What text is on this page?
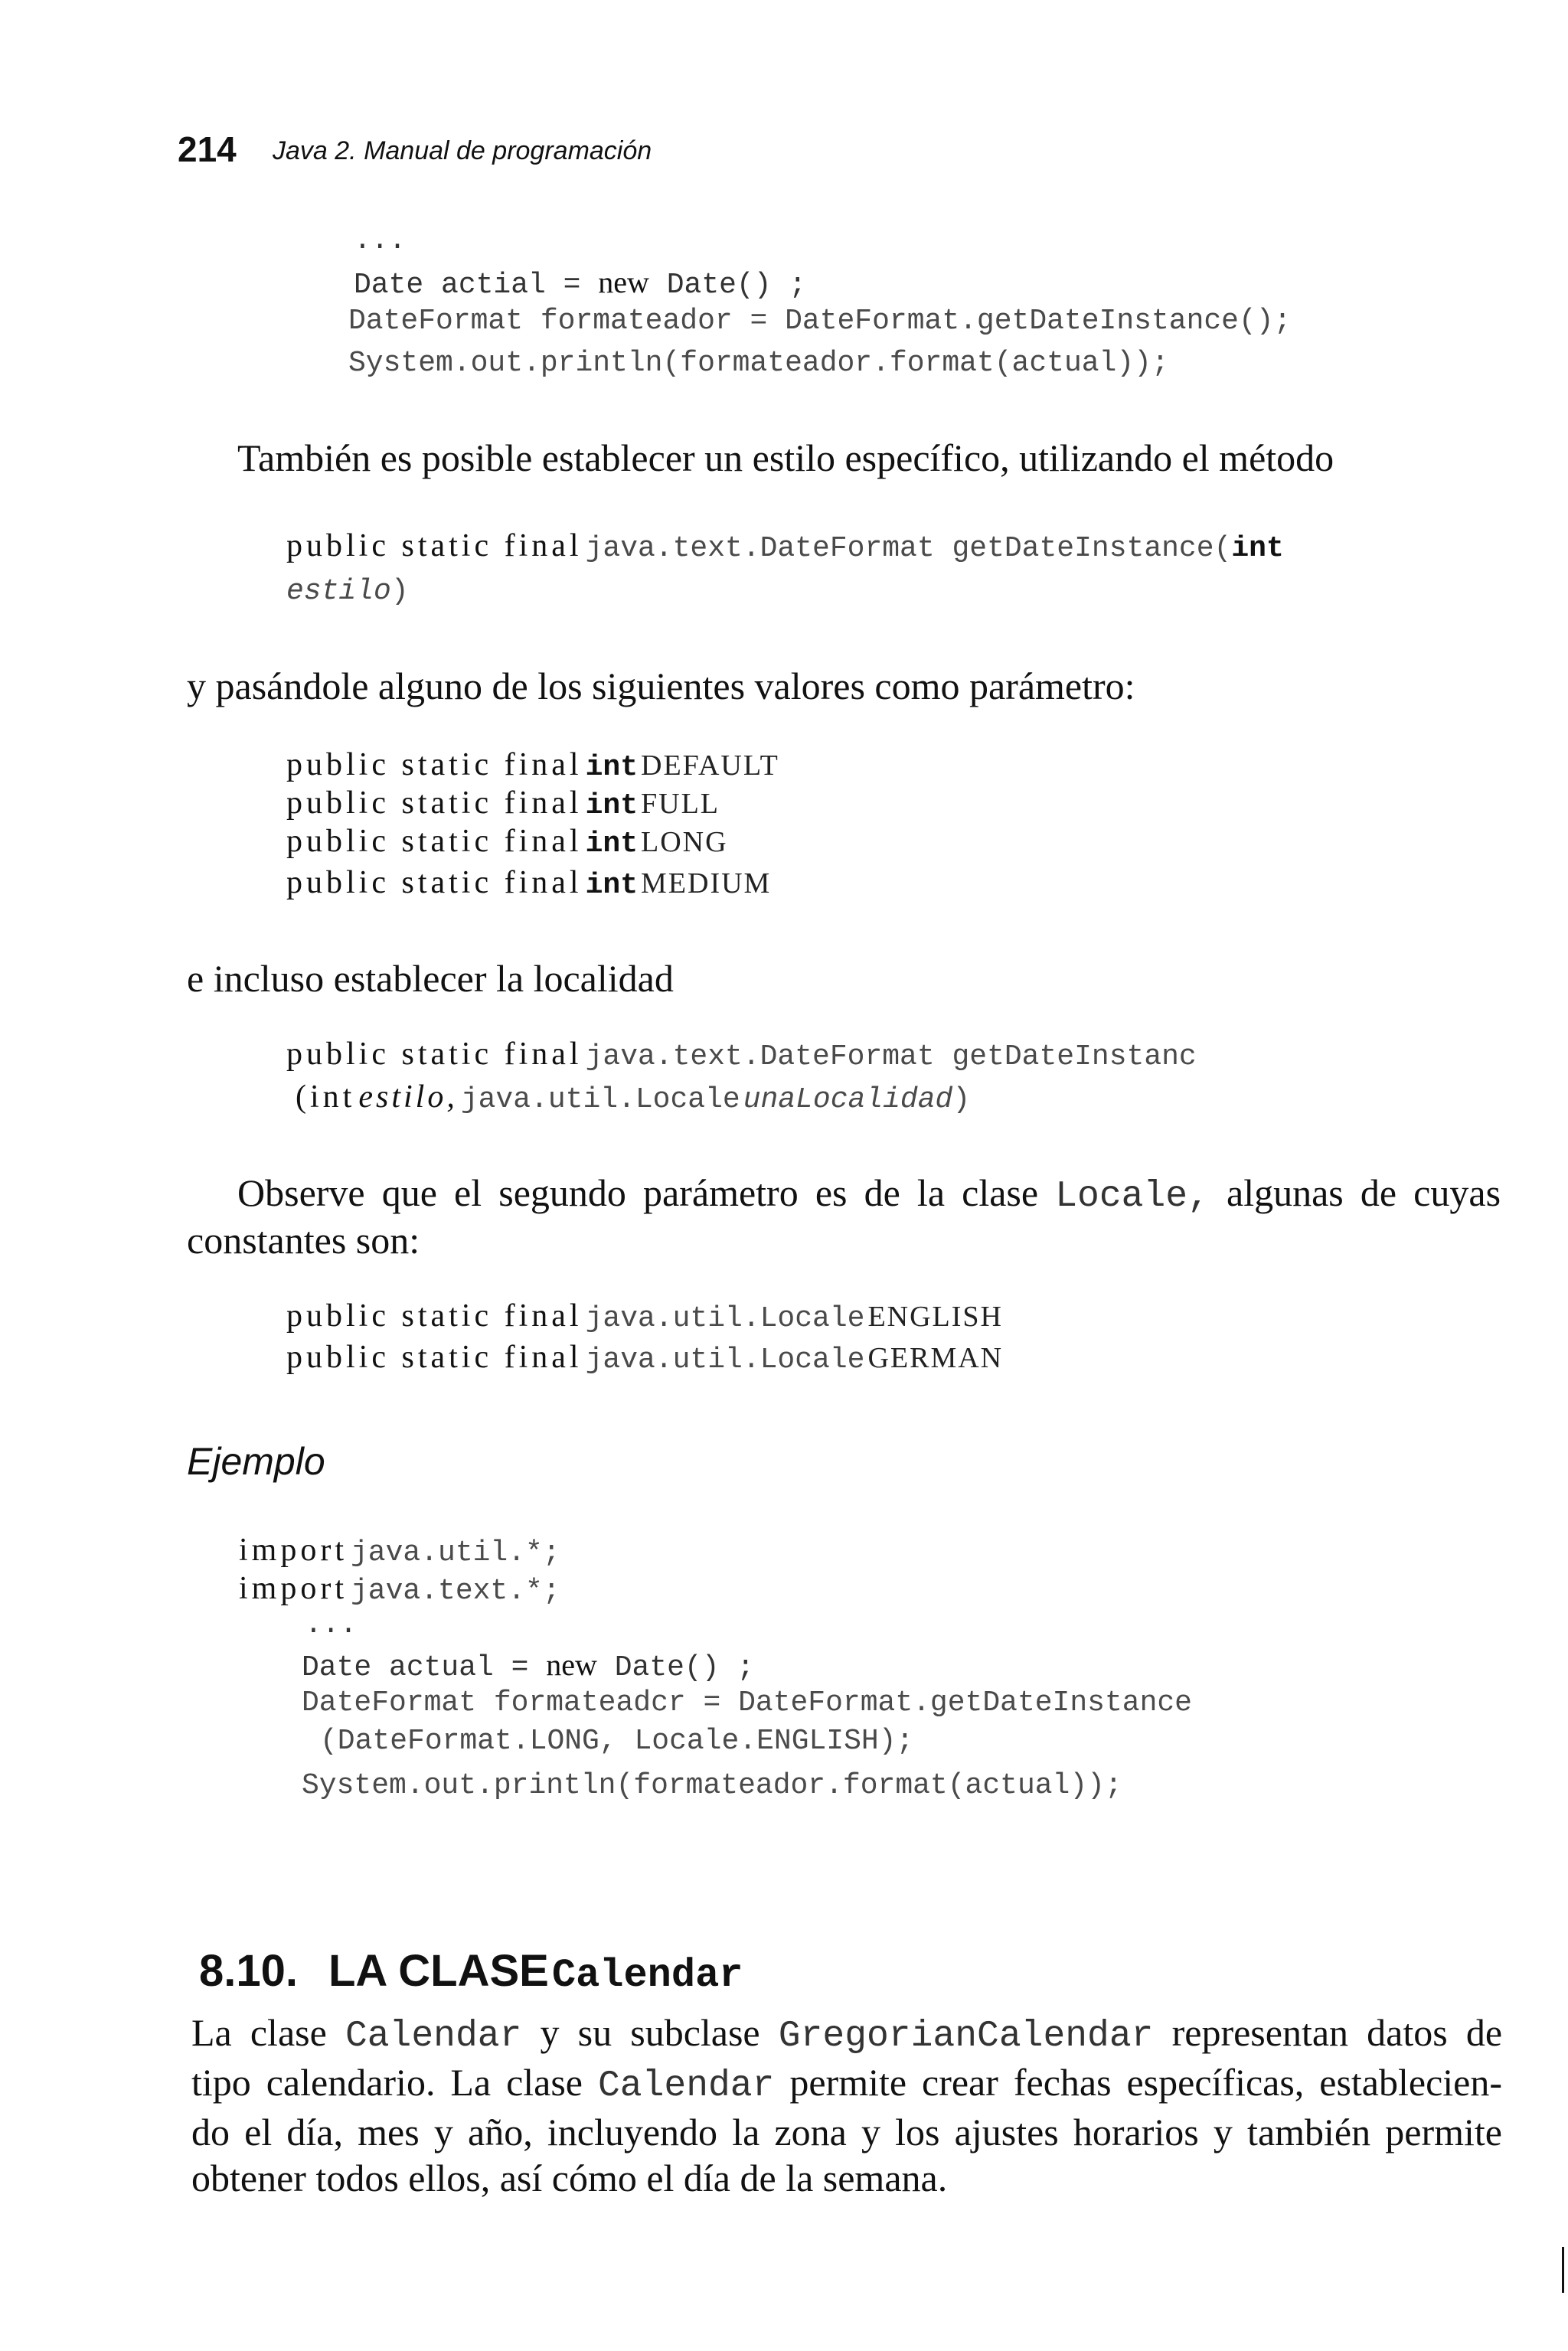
214 Java 2. Manual de programación
...
Date actial = new Date() ;
DateFormat formateador = DateFormat.getDateInstance();
System.out.println(formateador.format(actual));
También es posible establecer un estilo específico, utilizando el método
public static final java.text.DateFormat getDateInstance(int
estilo)
y pasándole alguno de los siguientes valores como parámetro:
public static final int DEFAULT
public static final int FULL
public static final int LONG
public static final int MEDIUM
e incluso establecer la localidad
public static final java.text.DateFormat getDateInstanc
(int estilo, java.util.Locale unaLocalidad)
Observe que el segundo parámetro es de la clase Locale, algunas de cuyas
constantes son:
public static final java.util.Locale ENGLISH
public static final java.util.Locale GERMAN
Ejemplo
import java.util.*;
import java.text.*;
...
Date actual = new Date() ;
DateFormat formateadcr = DateFormat.getDateInstance
(DateFormat.LONG, Locale.ENGLISH);
System.out.println(formateador.format(actual));

8.10. LA CLASE Calendar

La clase Calendar y su subclase GregorianCalendar representan datos de
tipo calendario. La clase Calendar permite crear fechas específicas, establecien-
do el día, mes y año, incluyendo la zona y los ajustes horarios y también permite
obtener todos ellos, así cómo el día de la semana.
